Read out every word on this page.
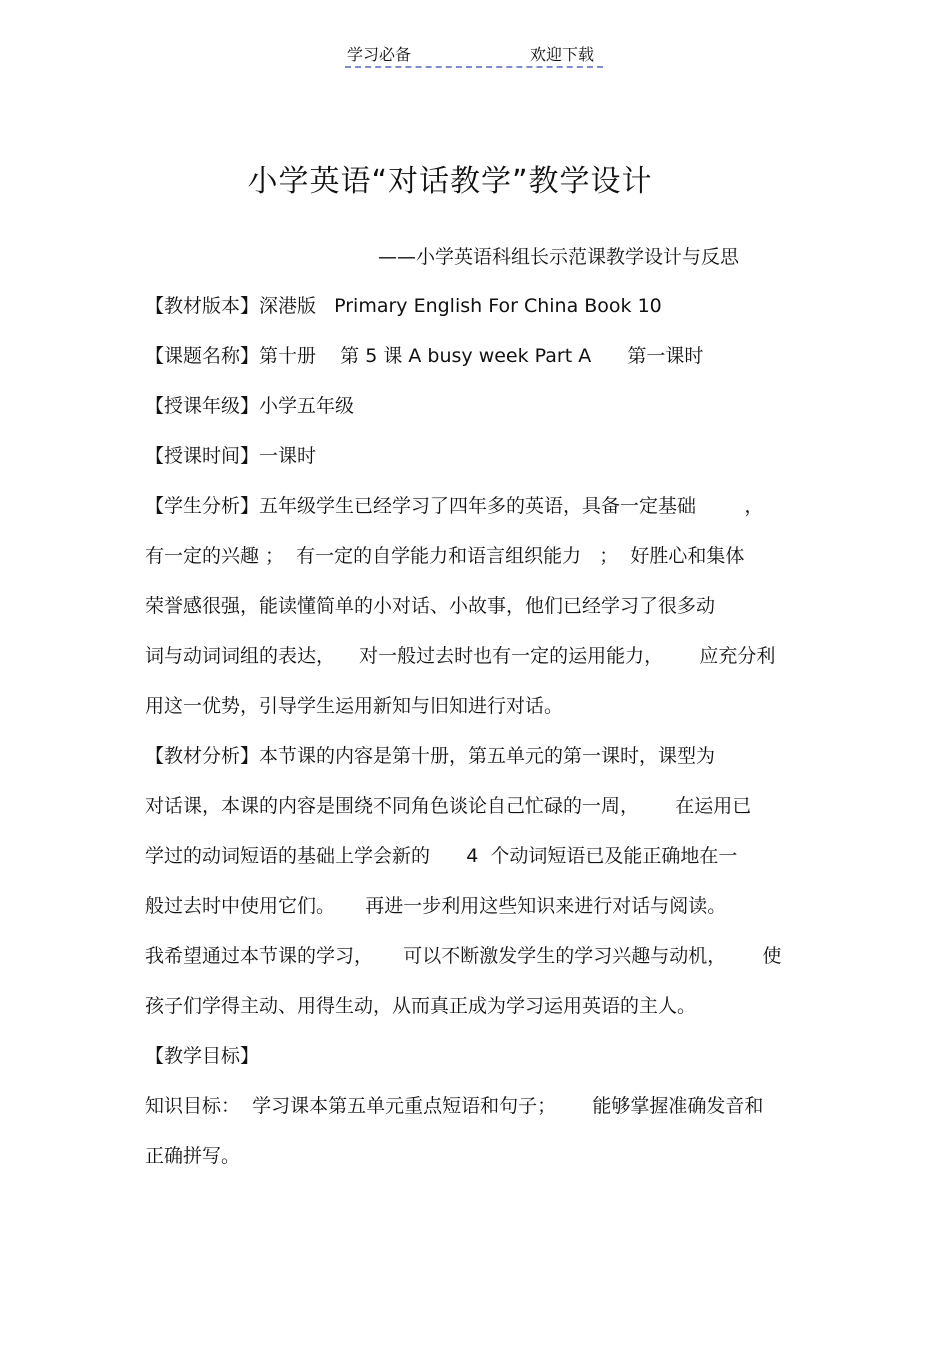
学习必备	欢迎下载
小学英语“对话教学”教学设计
——小学英语科组长示范课教学设计与反思
【教材版本】深港版   Primary English For China Book 10
【课题名称】第十册    第 5 课 A busy week Part A      第一课时
【授课年级】小学五年级
【授课时间】一课时
【学生分析】五年级学生已经学习了四年多的英语，具备一定基础        ，
有一定的兴趣 ；  有一定的自学能力和语言组织能力   ；  好胜心和集体
荣誉感很强，能读懂简单的小对话、小故事，他们已经学习了很多动
词与动词词组的表达，    对一般过去时也有一定的运用能力，      应充分利
用这一优势，引导学生运用新知与旧知进行对话。
【教材分析】本节课的内容是第十册，第五单元的第一课时，课型为
对话课，本课的内容是围绕不同角色谈论自己忙碌的一周，      在运用已
学过的动词短语的基础上学会新的      4  个动词短语已及能正确地在一
般过去时中使用它们。     再进一步利用这些知识来进行对话与阅读。
我希望通过本节课的学习，     可以不断激发学生的学习兴趣与动机，      使
孩子们学得主动、用得生动，从而真正成为学习运用英语的主人。
【教学目标】
知识目标：  学习课本第五单元重点短语和句子；      能够掌握准确发音和
正确拼写。
